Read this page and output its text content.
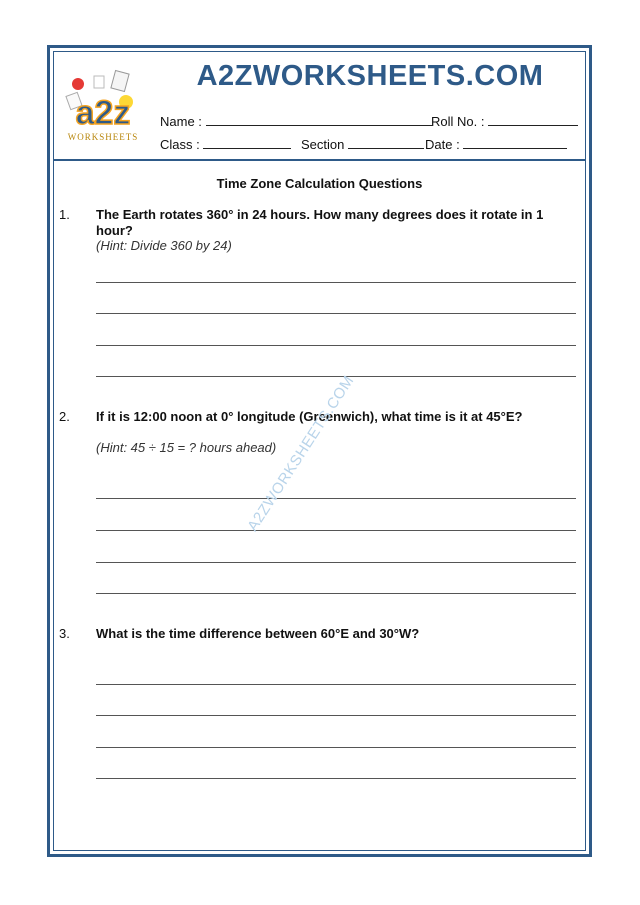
a2z
WORKSHEETS
A2ZWORKSHEETS.COM
Name :	Roll No. :
Class :	Section	Date :
Time Zone Calculation Questions
1. The Earth rotates 360° in 24 hours. How many degrees does it rotate in 1 hour?
(Hint: Divide 360 by 24)
2. If it is 12:00 noon at 0° longitude (Greenwich), what time is it at 45°E?
(Hint: 45 ÷ 15 = ? hours ahead)
3. What is the time difference between 60°E and 30°W?
A2ZWORKSHEETS.COM
